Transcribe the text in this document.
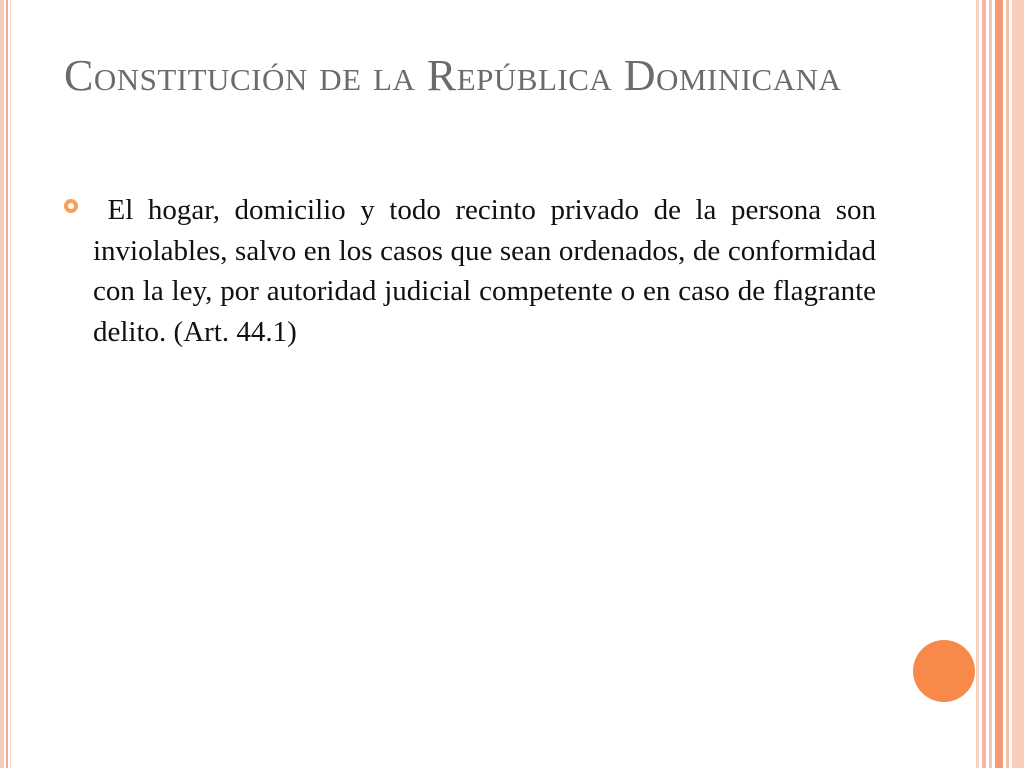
Constitución de la República Dominicana

El hogar, domicilio y todo recinto privado de la persona son inviolables, salvo en los casos que sean ordenados, de conformidad con la ley, por autoridad judicial competente o en caso de flagrante delito. (Art. 44.1)
